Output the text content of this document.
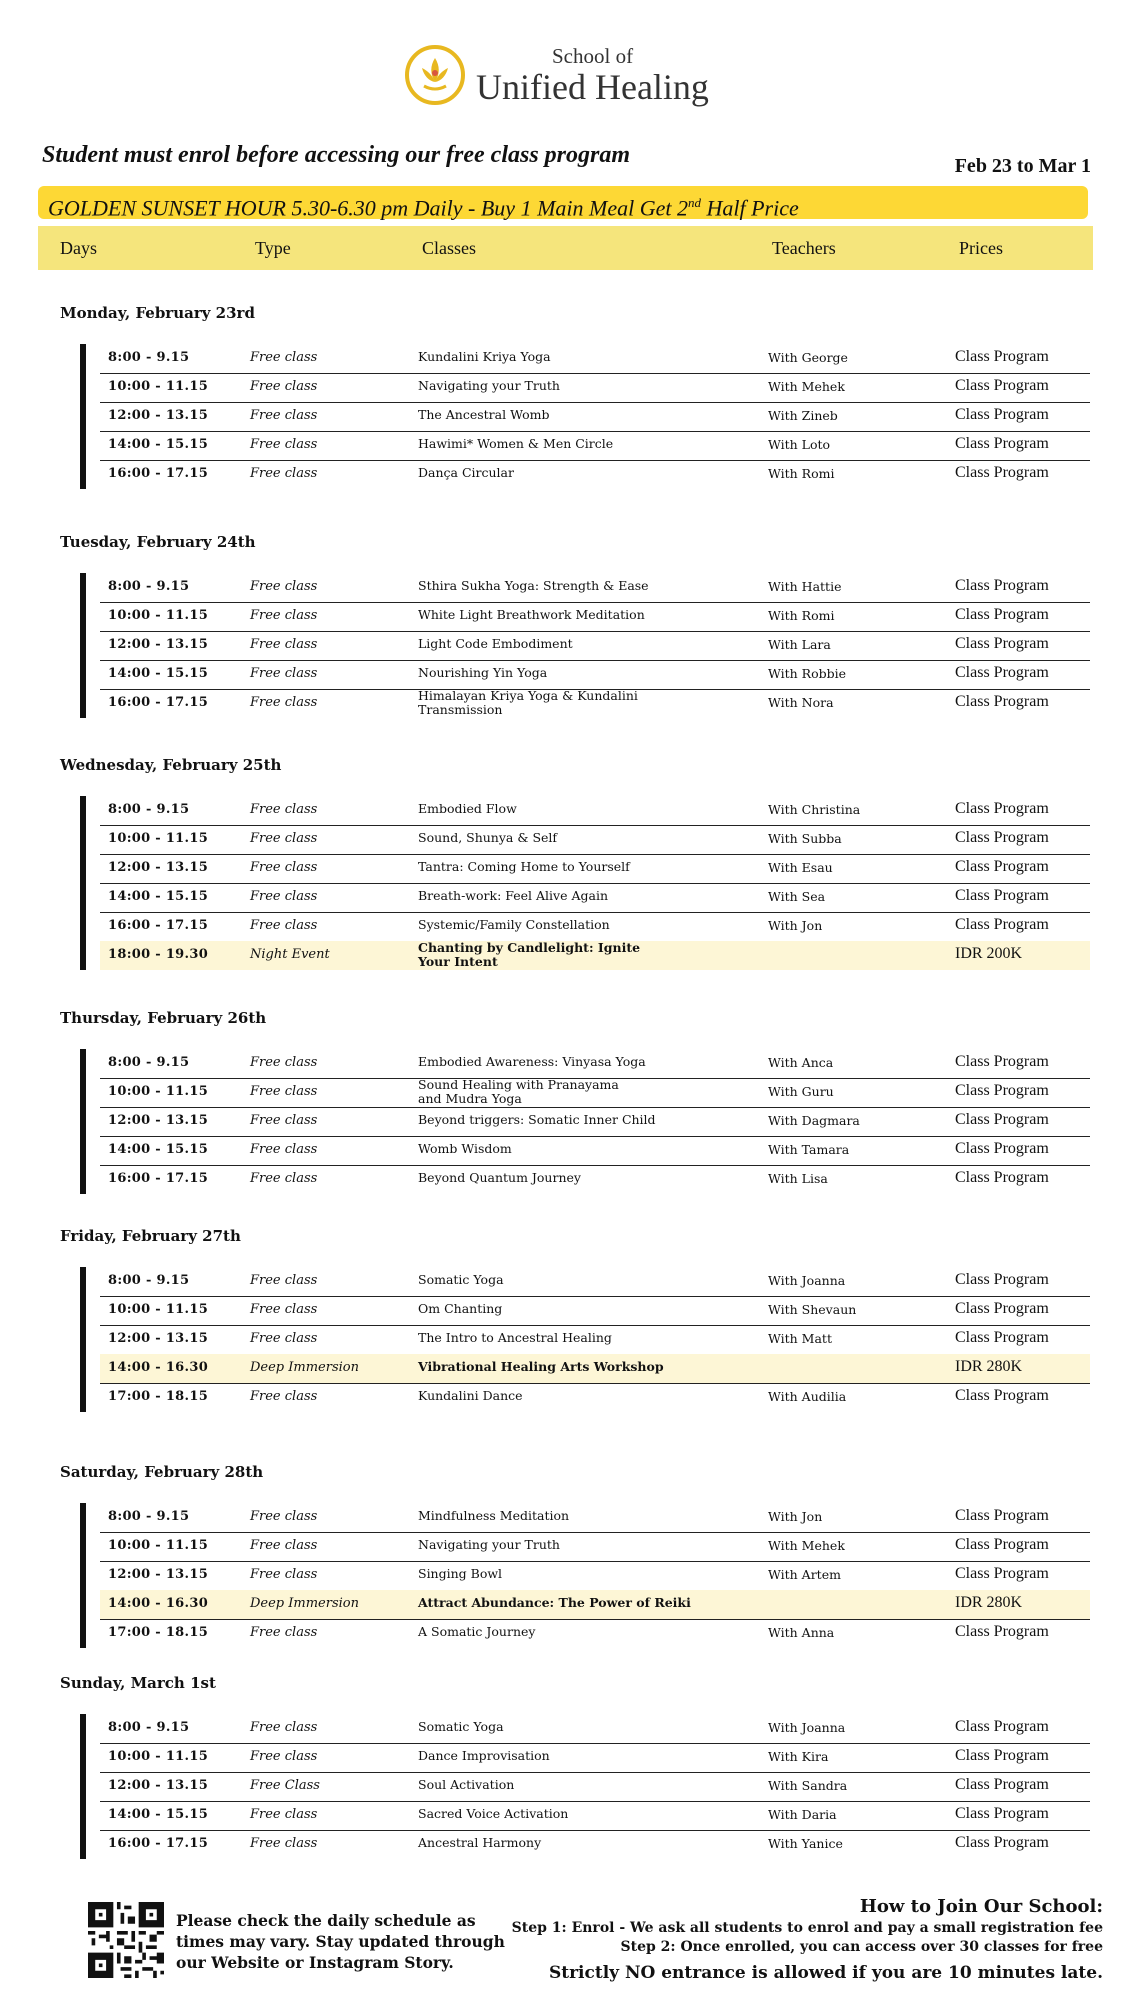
School of
Unified Healing
Student must enrol before accessing our free class program	Feb 23 to Mar 1
GOLDEN SUNSET HOUR 5.30-6.30 pm Daily - Buy 1 Main Meal Get 2nd Half Price
Days	Type	Classes	Teachers	Prices
Monday, February 23rd
8:00 - 9.15	Free class	Kundalini Kriya Yoga	With George	Class Program
10:00 - 11.15	Free class	Navigating your Truth	With Mehek	Class Program
12:00 - 13.15	Free class	The Ancestral Womb	With Zineb	Class Program
14:00 - 15.15	Free class	Hawimi* Women & Men Circle	With Loto	Class Program
16:00 - 17.15	Free class	Dança Circular	With Romi	Class Program
Tuesday, February 24th
8:00 - 9.15	Free class	Sthira Sukha Yoga: Strength & Ease	With Hattie	Class Program
10:00 - 11.15	Free class	White Light Breathwork Meditation	With Romi	Class Program
12:00 - 13.15	Free class	Light Code Embodiment	With Lara	Class Program
14:00 - 15.15	Free class	Nourishing Yin Yoga	With Robbie	Class Program
16:00 - 17.15	Free class	Himalayan Kriya Yoga & Kundalini
Transmission	With Nora	Class Program
Wednesday, February 25th
8:00 - 9.15	Free class	Embodied Flow	With Christina	Class Program
10:00 - 11.15	Free class	Sound, Shunya & Self	With Subba	Class Program
12:00 - 13.15	Free class	Tantra: Coming Home to Yourself	With Esau	Class Program
14:00 - 15.15	Free class	Breath-work: Feel Alive Again	With Sea	Class Program
16:00 - 17.15	Free class	Systemic/Family Constellation	With Jon	Class Program
18:00 - 19.30	Night Event	Chanting by Candlelight: Ignite
Your Intent	IDR 200K
Thursday, February 26th
8:00 - 9.15	Free class	Embodied Awareness: Vinyasa Yoga	With Anca	Class Program
10:00 - 11.15	Free class	Sound Healing with Pranayama
and Mudra Yoga	With Guru	Class Program
12:00 - 13.15	Free class	Beyond triggers: Somatic Inner Child	With Dagmara	Class Program
14:00 - 15.15	Free class	Womb Wisdom	With Tamara	Class Program
16:00 - 17.15	Free class	Beyond Quantum Journey	With Lisa	Class Program
Friday, February 27th
8:00 - 9.15	Free class	Somatic Yoga	With Joanna	Class Program
10:00 - 11.15	Free class	Om Chanting	With Shevaun	Class Program
12:00 - 13.15	Free class	The Intro to Ancestral Healing	With Matt	Class Program
14:00 - 16.30	Deep Immersion	Vibrational Healing Arts Workshop	IDR 280K
17:00 - 18.15	Free class	Kundalini Dance	With Audilia	Class Program
Saturday, February 28th
8:00 - 9.15	Free class	Mindfulness Meditation	With Jon	Class Program
10:00 - 11.15	Free class	Navigating your Truth	With Mehek	Class Program
12:00 - 13.15	Free class	Singing Bowl	With Artem	Class Program
14:00 - 16.30	Deep Immersion	Attract Abundance: The Power of Reiki	IDR 280K
17:00 - 18.15	Free class	A Somatic Journey	With Anna	Class Program
Sunday, March 1st
8:00 - 9.15	Free class	Somatic Yoga	With Joanna	Class Program
10:00 - 11.15	Free class	Dance Improvisation	With Kira	Class Program
12:00 - 13.15	Free Class	Soul Activation	With Sandra	Class Program
14:00 - 15.15	Free class	Sacred Voice Activation	With Daria	Class Program
16:00 - 17.15	Free class	Ancestral Harmony	With Yanice	Class Program
Please check the daily schedule as times may vary. Stay updated through our Website or Instagram Story.
How to Join Our School:
Step 1: Enrol - We ask all students to enrol and pay a small registration fee
Step 2: Once enrolled, you can access over 30 classes for free
Strictly NO entrance is allowed if you are 10 minutes late.
